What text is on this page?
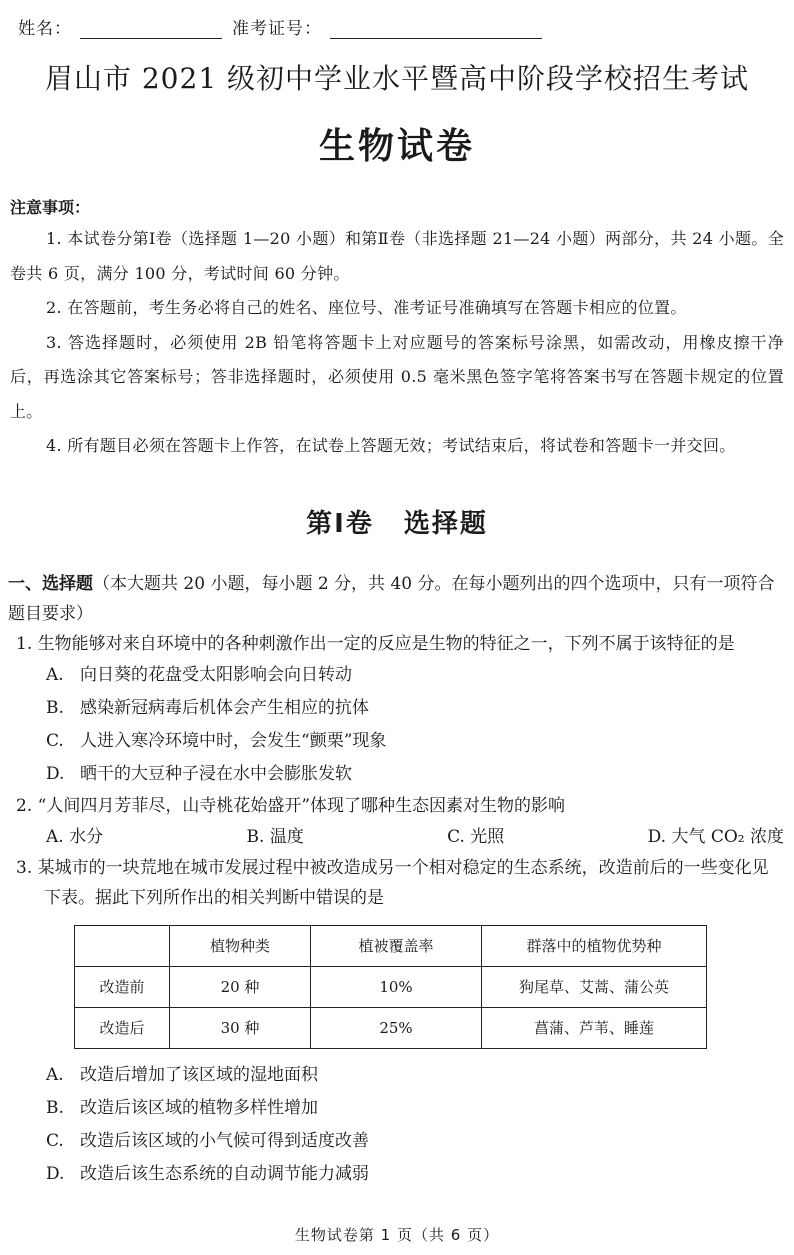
姓名：	准考证号：
眉山市 2021 级初中学业水平暨高中阶段学校招生考试
生物试卷
注意事项：

1. 本试卷分第Ⅰ卷（选择题 1—20 小题）和第Ⅱ卷（非选择题 21—24 小题）两部分，共 24 小题。全卷共 6 页，满分 100 分，考试时间 60 分钟。

2. 在答题前，考生务必将自己的姓名、座位号、准考证号准确填写在答题卡相应的位置。

3. 答选择题时，必须使用 2B 铅笔将答题卡上对应题号的答案标号涂黑，如需改动，用橡皮擦干净后，再选涂其它答案标号；答非选择题时，必须使用 0.5 毫米黑色签字笔将答案书写在答题卡规定的位置上。

4. 所有题目必须在答题卡上作答，在试卷上答题无效；考试结束后，将试卷和答题卡一并交回。

第Ⅰ卷 选择题

一、选择题（本大题共 20 小题，每小题 2 分，共 40 分。在每小题列出的四个选项中，只有一项符合题目要求）

1. 生物能够对来自环境中的各种刺激作出一定的反应是生物的特征之一，下列不属于该特征的是
A. 向日葵的花盘受太阳影响会向日转动
B. 感染新冠病毒后机体会产生相应的抗体
C. 人进入寒冷环境中时，会发生“颤栗”现象
D. 晒干的大豆种子浸在水中会膨胀发软
2. “人间四月芳菲尽，山寺桃花始盛开”体现了哪种生态因素对生物的影响
A. 水分	B. 温度	C. 光照	D. 大气 CO₂ 浓度
3. 某城市的一块荒地在城市发展过程中被改造成另一个相对稳定的生态系统，改造前后的一些变化见下表。据此下列所作出的相关判断中错误的是
	植物种类	植被覆盖率	群落中的植物优势种
改造前	20 种	10%	狗尾草、艾蒿、蒲公英
改造后	30 种	25%	菖蒲、芦苇、睡莲
A. 改造后增加了该区域的湿地面积
B. 改造后该区域的植物多样性增加
C. 改造后该区域的小气候可得到适度改善
D. 改造后该生态系统的自动调节能力减弱
生物试卷第 1 页（共 6 页）
